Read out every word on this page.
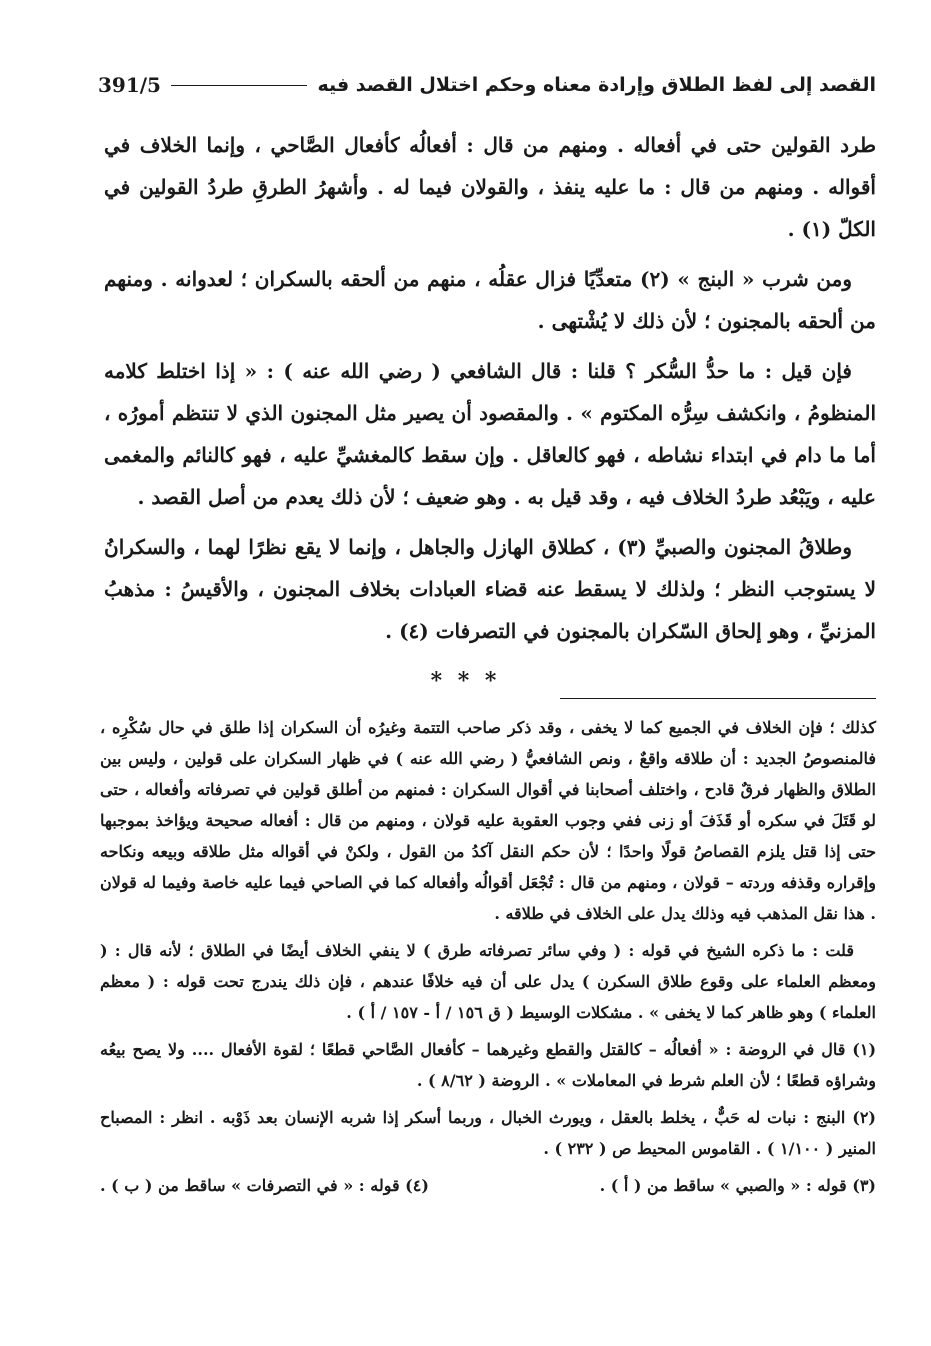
القصد إلى لفظ الطلاق وإرادة معناه وحكم اختلال القصد فيه
391/5

طرد القولين حتى في أفعاله . ومنهم من قال : أفعالُه كأفعال الصَّاحي ، وإنما الخلاف في أقواله . ومنهم من قال : ما عليه ينفذ ، والقولان فيما له . وأشهرُ الطرقِ طردُ القولين في الكلّ (١) .

ومن شرب « البنج » (٢) متعدِّيًا فزال عقلُه ، منهم من ألحقه بالسكران ؛ لعدوانه . ومنهم من ألحقه بالمجنون ؛ لأن ذلك لا يُشْتهى .

فإن قيل : ما حدُّ السُّكر ؟ قلنا : قال الشافعي ( رضي الله عنه ) : « إذا اختلط كلامه المنظومُ ، وانكشف سِرُّه المكتوم » . والمقصود أن يصير مثل المجنون الذي لا تنتظم أمورُه ، أما ما دام في ابتداء نشاطه ، فهو كالعاقل . وإن سقط كالمغشيِّ عليه ، فهو كالنائم والمغمى عليه ، ويَبْعُد طردُ الخلاف فيه ، وقد قيل به . وهو ضعيف ؛ لأن ذلك يعدم من أصل القصد .

وطلاقُ المجنون والصبيِّ (٣) ، كطلاق الهازل والجاهل ، وإنما لا يقع نظرًا لهما ، والسكرانُ لا يستوجب النظر ؛ ولذلك لا يسقط عنه قضاء العبادات بخلاف المجنون ، والأقيسُ : مذهبُ المزنيِّ ، وهو إلحاق السّكران بالمجنون في التصرفات (٤) .

* * *

كذلك ؛ فإن الخلاف في الجميع كما لا يخفى ، وقد ذكر صاحب التتمة وغيرُه أن السكران إذا طلق في حال سُكْرِه ، فالمنصوصُ الجديد : أن طلاقه واقعٌ ، ونص الشافعيُّ ( رضي الله عنه ) في ظهار السكران على قولين ، وليس بين الطلاق والظهار فرقٌ قادح ، واختلف أصحابنا في أقوال السكران : فمنهم من أطلق قولين في تصرفاته وأفعاله ، حتى لو قَتَلَ في سكره أو قَذَفَ أو زنى ففي وجوب العقوبة عليه قولان ، ومنهم من قال : أفعاله صحيحة ويؤاخذ بموجبها حتى إذا قتل يلزم القصاصُ قولًا واحدًا ؛ لأن حكم النقل آكدُ من القول ، ولكنْ في أقواله مثل طلاقه وبيعه ونكاحه وإقراره وقذفه وردته – قولان ، ومنهم من قال : تُجْعَل أقوالُه وأفعاله كما في الصاحي فيما عليه خاصة وفيما له قولان . هذا نقل المذهب فيه وذلك يدل على الخلاف في طلاقه .

قلت : ما ذكره الشيخ في قوله : ( وفي سائر تصرفاته طرق ) لا ينفي الخلاف أيضًا في الطلاق ؛ لأنه قال : ( ومعظم العلماء على وقوع طلاق السكرن ) يدل على أن فيه خلافًا عندهم ، فإن ذلك يندرج تحت قوله : ( معظم العلماء ) وهو ظاهر كما لا يخفى » . مشكلات الوسيط ( ق ١٥٦ / أ - ١٥٧ / أ ) .

(١) قال في الروضة : « أفعالُه – كالقتل والقطع وغيرهما – كأفعال الصَّاحي قطعًا ؛ لقوة الأفعال .... ولا يصح بيعُه وشراؤه قطعًا ؛ لأن العلم شرط في المعاملات » . الروضة ( ٨/٦٢ ) .

(٢) البنج : نبات له حَبٌّ ، يخلط بالعقل ، ويورث الخبال ، وربما أسكر إذا شربه الإنسان بعد ذَوْبه . انظر : المصباح المنير ( ١/١٠٠ ) . القاموس المحيط ص ( ٢٣٢ ) .

(٣) قوله : « والصبي » ساقط من ( أ ) .
(٤) قوله : « في التصرفات » ساقط من ( ب ) .
